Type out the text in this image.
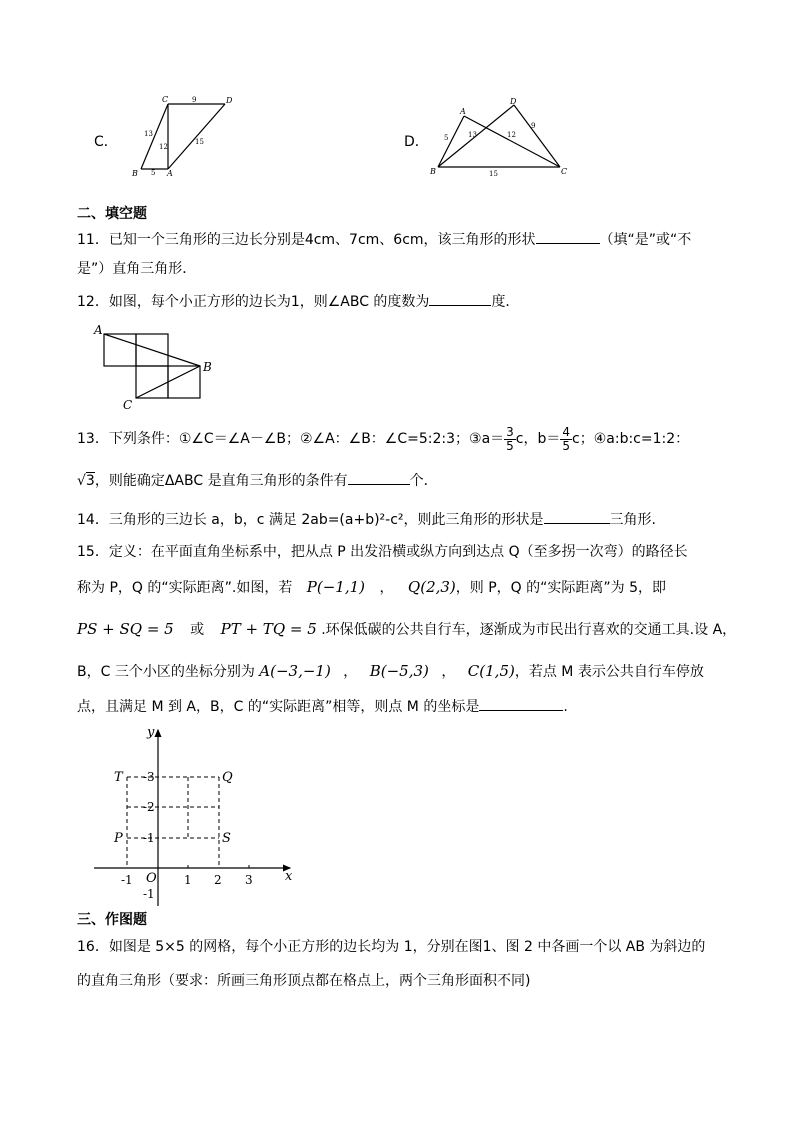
C．
C	D
B	A
9
13
12
15
5
D．
A
D
B	C
5	13	12
9
15
二、填空题
11．已知一个三角形的三边长分别是4cm、7cm、6cm，该三角形的形状	（填“是”或“不
是”）直角三角形．
12．如图，每个小正方形的边长为1，则∠ABC 的度数为	度．
A
B
C
13．下列条件：①∠C＝∠A－∠B；②∠A：∠B：∠C=5:2:3；③a＝ $\frac{3}{5}$ c，$b= \frac{4}{5}$ c；④a:b:c=1:2：
√3，则能确定ΔABC 是直角三角形的条件有	个．
14．三角形的三边长 a，b，c 满足 2ab=(a+b)²-c²，则此三角形的形状是	三角形.
15．定义：在平面直角坐标系中，把从点 P 出发沿横或纵方向到达点 Q（至多拐一次弯）的路径长
称为 P，Q 的“实际距离”.如图，若 P(−1,1) ， Q(2,3)，则 P，Q 的“实际距离”为 5，即
PS + SQ = 5 或 PT + TQ = 5 .环保低碳的公共自行车，逐渐成为市民出行喜欢的交通工具.设 A，
B，C 三个小区的坐标分别为 A(−3,−1) ， B(−5,3) ， C(1,5)，若点 M 表示公共自行车停放
点，且满足 M 到 A，B，C 的“实际距离”相等，则点 M 的坐标是	.
y
x
O
T	Q
P	S
-3
-2
-1
-1
-1	1 2 3
三、作图题
16．如图是 5×5 的网格，每个小正方形的边长均为 1，分别在图1、图 2 中各画一个以 AB 为斜边的
的直角三角形（要求：所画三角形顶点都在格点上，两个三角形面积不同)
